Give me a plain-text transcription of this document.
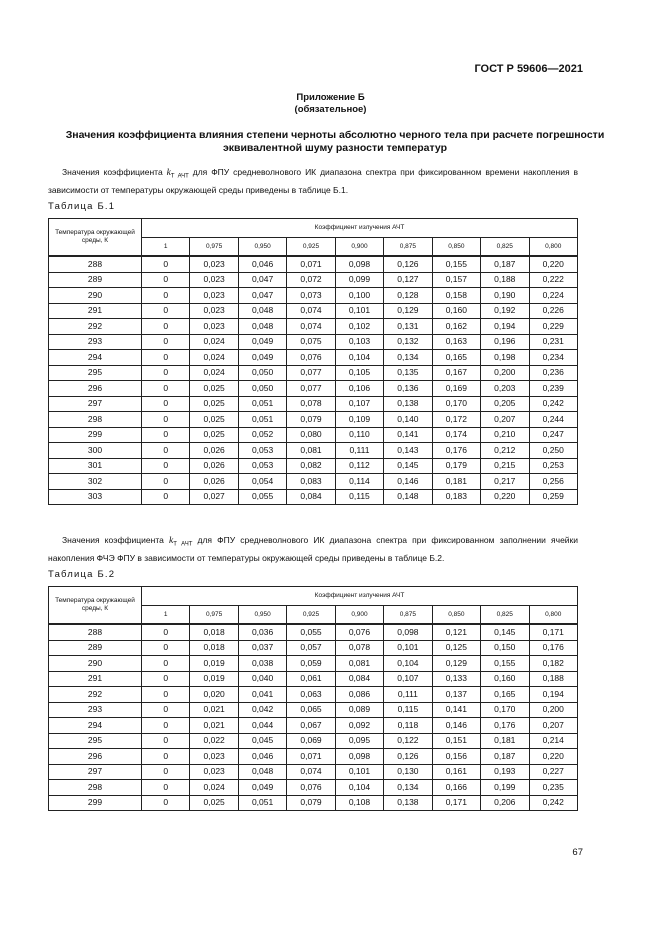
ГОСТ Р 59606—2021
Приложение Б
(обязательное)
Значения коэффициента влияния степени черноты абсолютно черного тела при расчете погрешности эквивалентной шуму разности температур
Значения коэффициента $k_{T АЧТ}$ для ФПУ средневолнового ИК диапазона спектра при фиксированном времени накопления в зависимости от температуры окружающей среды приведены в таблице Б.1.
Таблица Б.1
Температура окружающей среды, К	Коэффициент излучения АЧТ								
	1	0,975	0,950	0,925	0,900	0,875	0,850	0,825	0,800
288	0	0,023	0,046	0,071	0,098	0,126	0,155	0,187	0,220
289	0	0,023	0,047	0,072	0,099	0,127	0,157	0,188	0,222
290	0	0,023	0,047	0,073	0,100	0,128	0,158	0,190	0,224
291	0	0,023	0,048	0,074	0,101	0,129	0,160	0,192	0,226
292	0	0,023	0,048	0,074	0,102	0,131	0,162	0,194	0,229
293	0	0,024	0,049	0,075	0,103	0,132	0,163	0,196	0,231
294	0	0,024	0,049	0,076	0,104	0,134	0,165	0,198	0,234
295	0	0,024	0,050	0,077	0,105	0,135	0,167	0,200	0,236
296	0	0,025	0,050	0,077	0,106	0,136	0,169	0,203	0,239
297	0	0,025	0,051	0,078	0,107	0,138	0,170	0,205	0,242
298	0	0,025	0,051	0,079	0,109	0,140	0,172	0,207	0,244
299	0	0,025	0,052	0,080	0,110	0,141	0,174	0,210	0,247
300	0	0,026	0,053	0,081	0,111	0,143	0,176	0,212	0,250
301	0	0,026	0,053	0,082	0,112	0,145	0,179	0,215	0,253
302	0	0,026	0,054	0,083	0,114	0,146	0,181	0,217	0,256
303	0	0,027	0,055	0,084	0,115	0,148	0,183	0,220	0,259
Значения коэффициента $k_{T АЧТ}$ для ФПУ средневолнового ИК диапазона спектра при фиксированном заполнении ячейки накопления ФЧЭ ФПУ в зависимости от температуры окружающей среды приведены в таблице Б.2.
Таблица Б.2
Температура окружающей среды, К	Коэффициент излучения АЧТ								
	1	0,975	0,950	0,925	0,900	0,875	0,850	0,825	0,800
288	0	0,018	0,036	0,055	0,076	0,098	0,121	0,145	0,171
289	0	0,018	0,037	0,057	0,078	0,101	0,125	0,150	0,176
290	0	0,019	0,038	0,059	0,081	0,104	0,129	0,155	0,182
291	0	0,019	0,040	0,061	0,084	0,107	0,133	0,160	0,188
292	0	0,020	0,041	0,063	0,086	0,111	0,137	0,165	0,194
293	0	0,021	0,042	0,065	0,089	0,115	0,141	0,170	0,200
294	0	0,021	0,044	0,067	0,092	0,118	0,146	0,176	0,207
295	0	0,022	0,045	0,069	0,095	0,122	0,151	0,181	0,214
296	0	0,023	0,046	0,071	0,098	0,126	0,156	0,187	0,220
297	0	0,023	0,048	0,074	0,101	0,130	0,161	0,193	0,227
298	0	0,024	0,049	0,076	0,104	0,134	0,166	0,199	0,235
299	0	0,025	0,051	0,079	0,108	0,138	0,171	0,206	0,242
67
